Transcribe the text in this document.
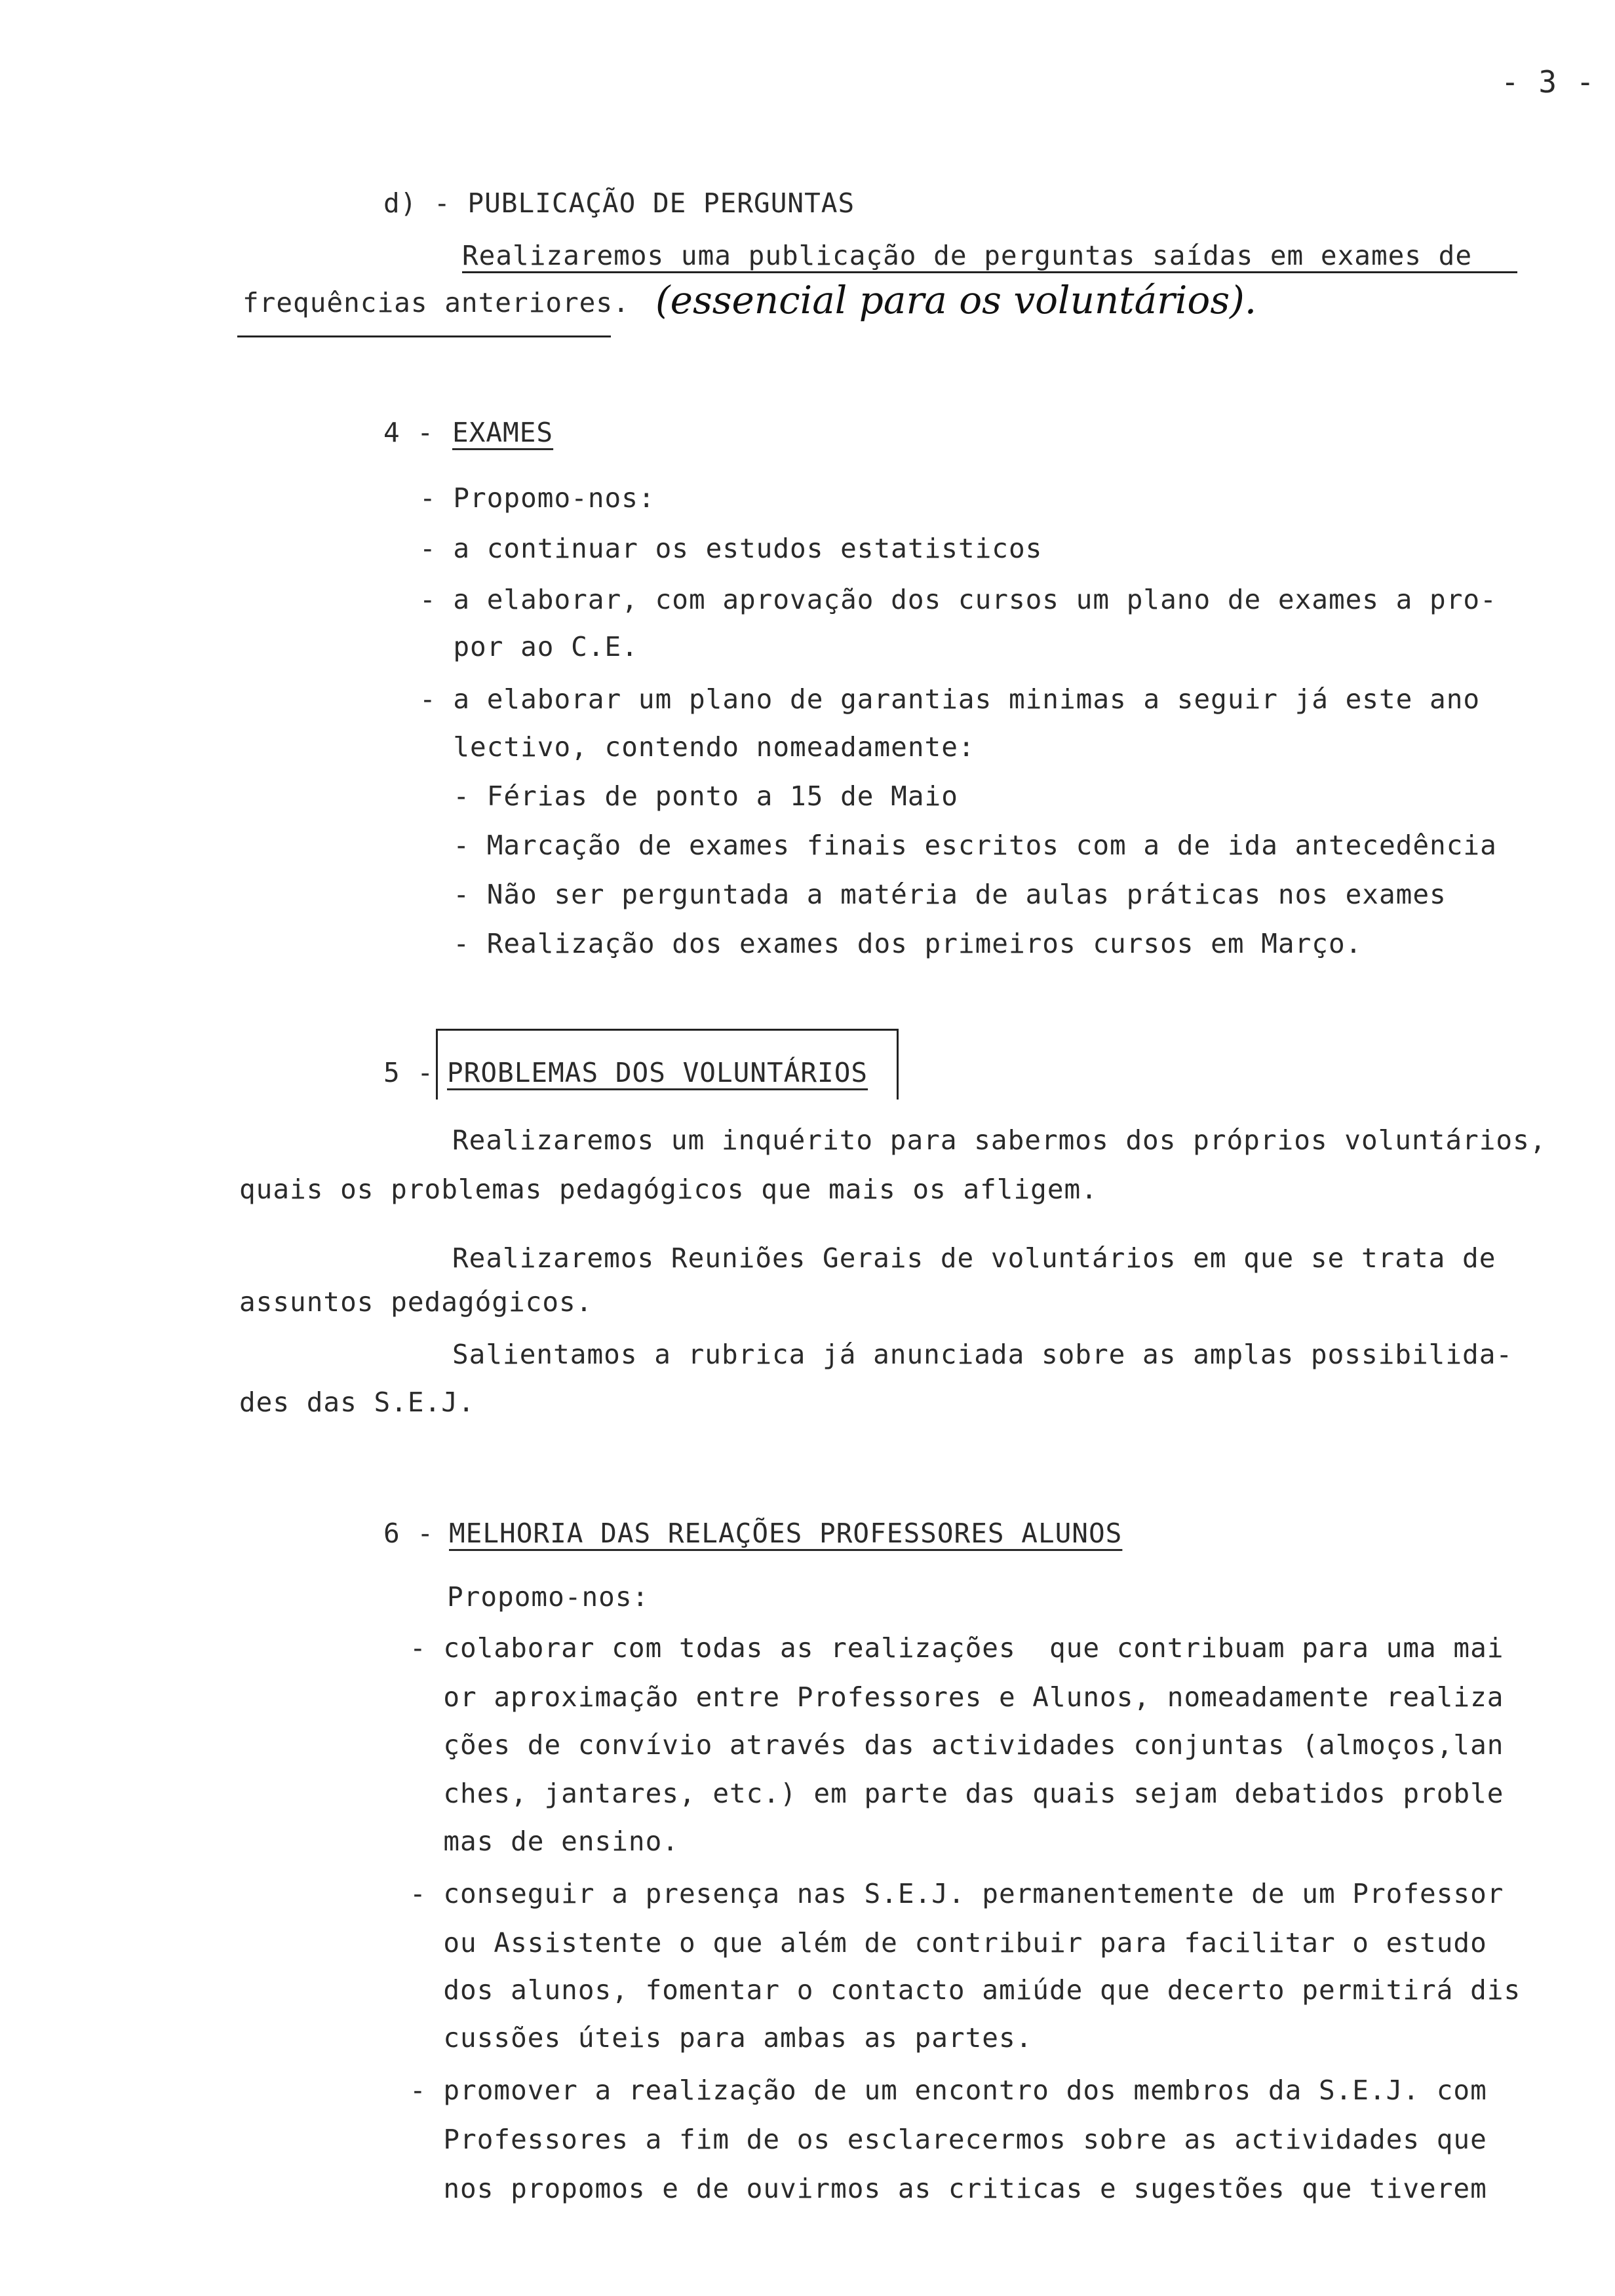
- 3 -
d) - PUBLICAÇÃO DE PERGUNTAS
Realizaremos uma publicação de perguntas saídas em exames de
frequências anteriores. (essencial para os voluntários).
4 - EXAMES
- Propomo-nos:
- a continuar os estudos estatisticos
- a elaborar, com aprovação dos cursos um plano de exames a pro-
por ao C.E.
- a elaborar um plano de garantias minimas a seguir já este ano
lectivo, contendo nomeadamente:
- Férias de ponto a 15 de Maio
- Marcação de exames finais escritos com a de ida antecedência
- Não ser perguntada a matéria de aulas práticas nos exames
- Realização dos exames dos primeiros cursos em Março.
5 - PROBLEMAS DOS VOLUNTÁRIOS
Realizaremos um inquérito para sabermos dos próprios voluntários,
quais os problemas pedagógicos que mais os afligem.
Realizaremos Reuniões Gerais de voluntários em que se trata de
assuntos pedagógicos.
Salientamos a rubrica já anunciada sobre as amplas possibilida-
des das S.E.J.
6 - MELHORIA DAS RELAÇÕES PROFESSORES ALUNOS
Propomo-nos:
- colaborar com todas as realizações  que contribuam para uma mai
or aproximação entre Professores e Alunos, nomeadamente realiza
ções de convívio através das actividades conjuntas (almoços,lan
ches, jantares, etc.) em parte das quais sejam debatidos proble
mas de ensino.
- conseguir a presença nas S.E.J. permanentemente de um Professor
ou Assistente o que além de contribuir para facilitar o estudo
dos alunos, fomentar o contacto amiúde que decerto permitirá dis
cussões úteis para ambas as partes.
- promover a realização de um encontro dos membros da S.E.J. com
Professores a fim de os esclarecermos sobre as actividades que
nos propomos e de ouvirmos as criticas e sugestões que tiverem
